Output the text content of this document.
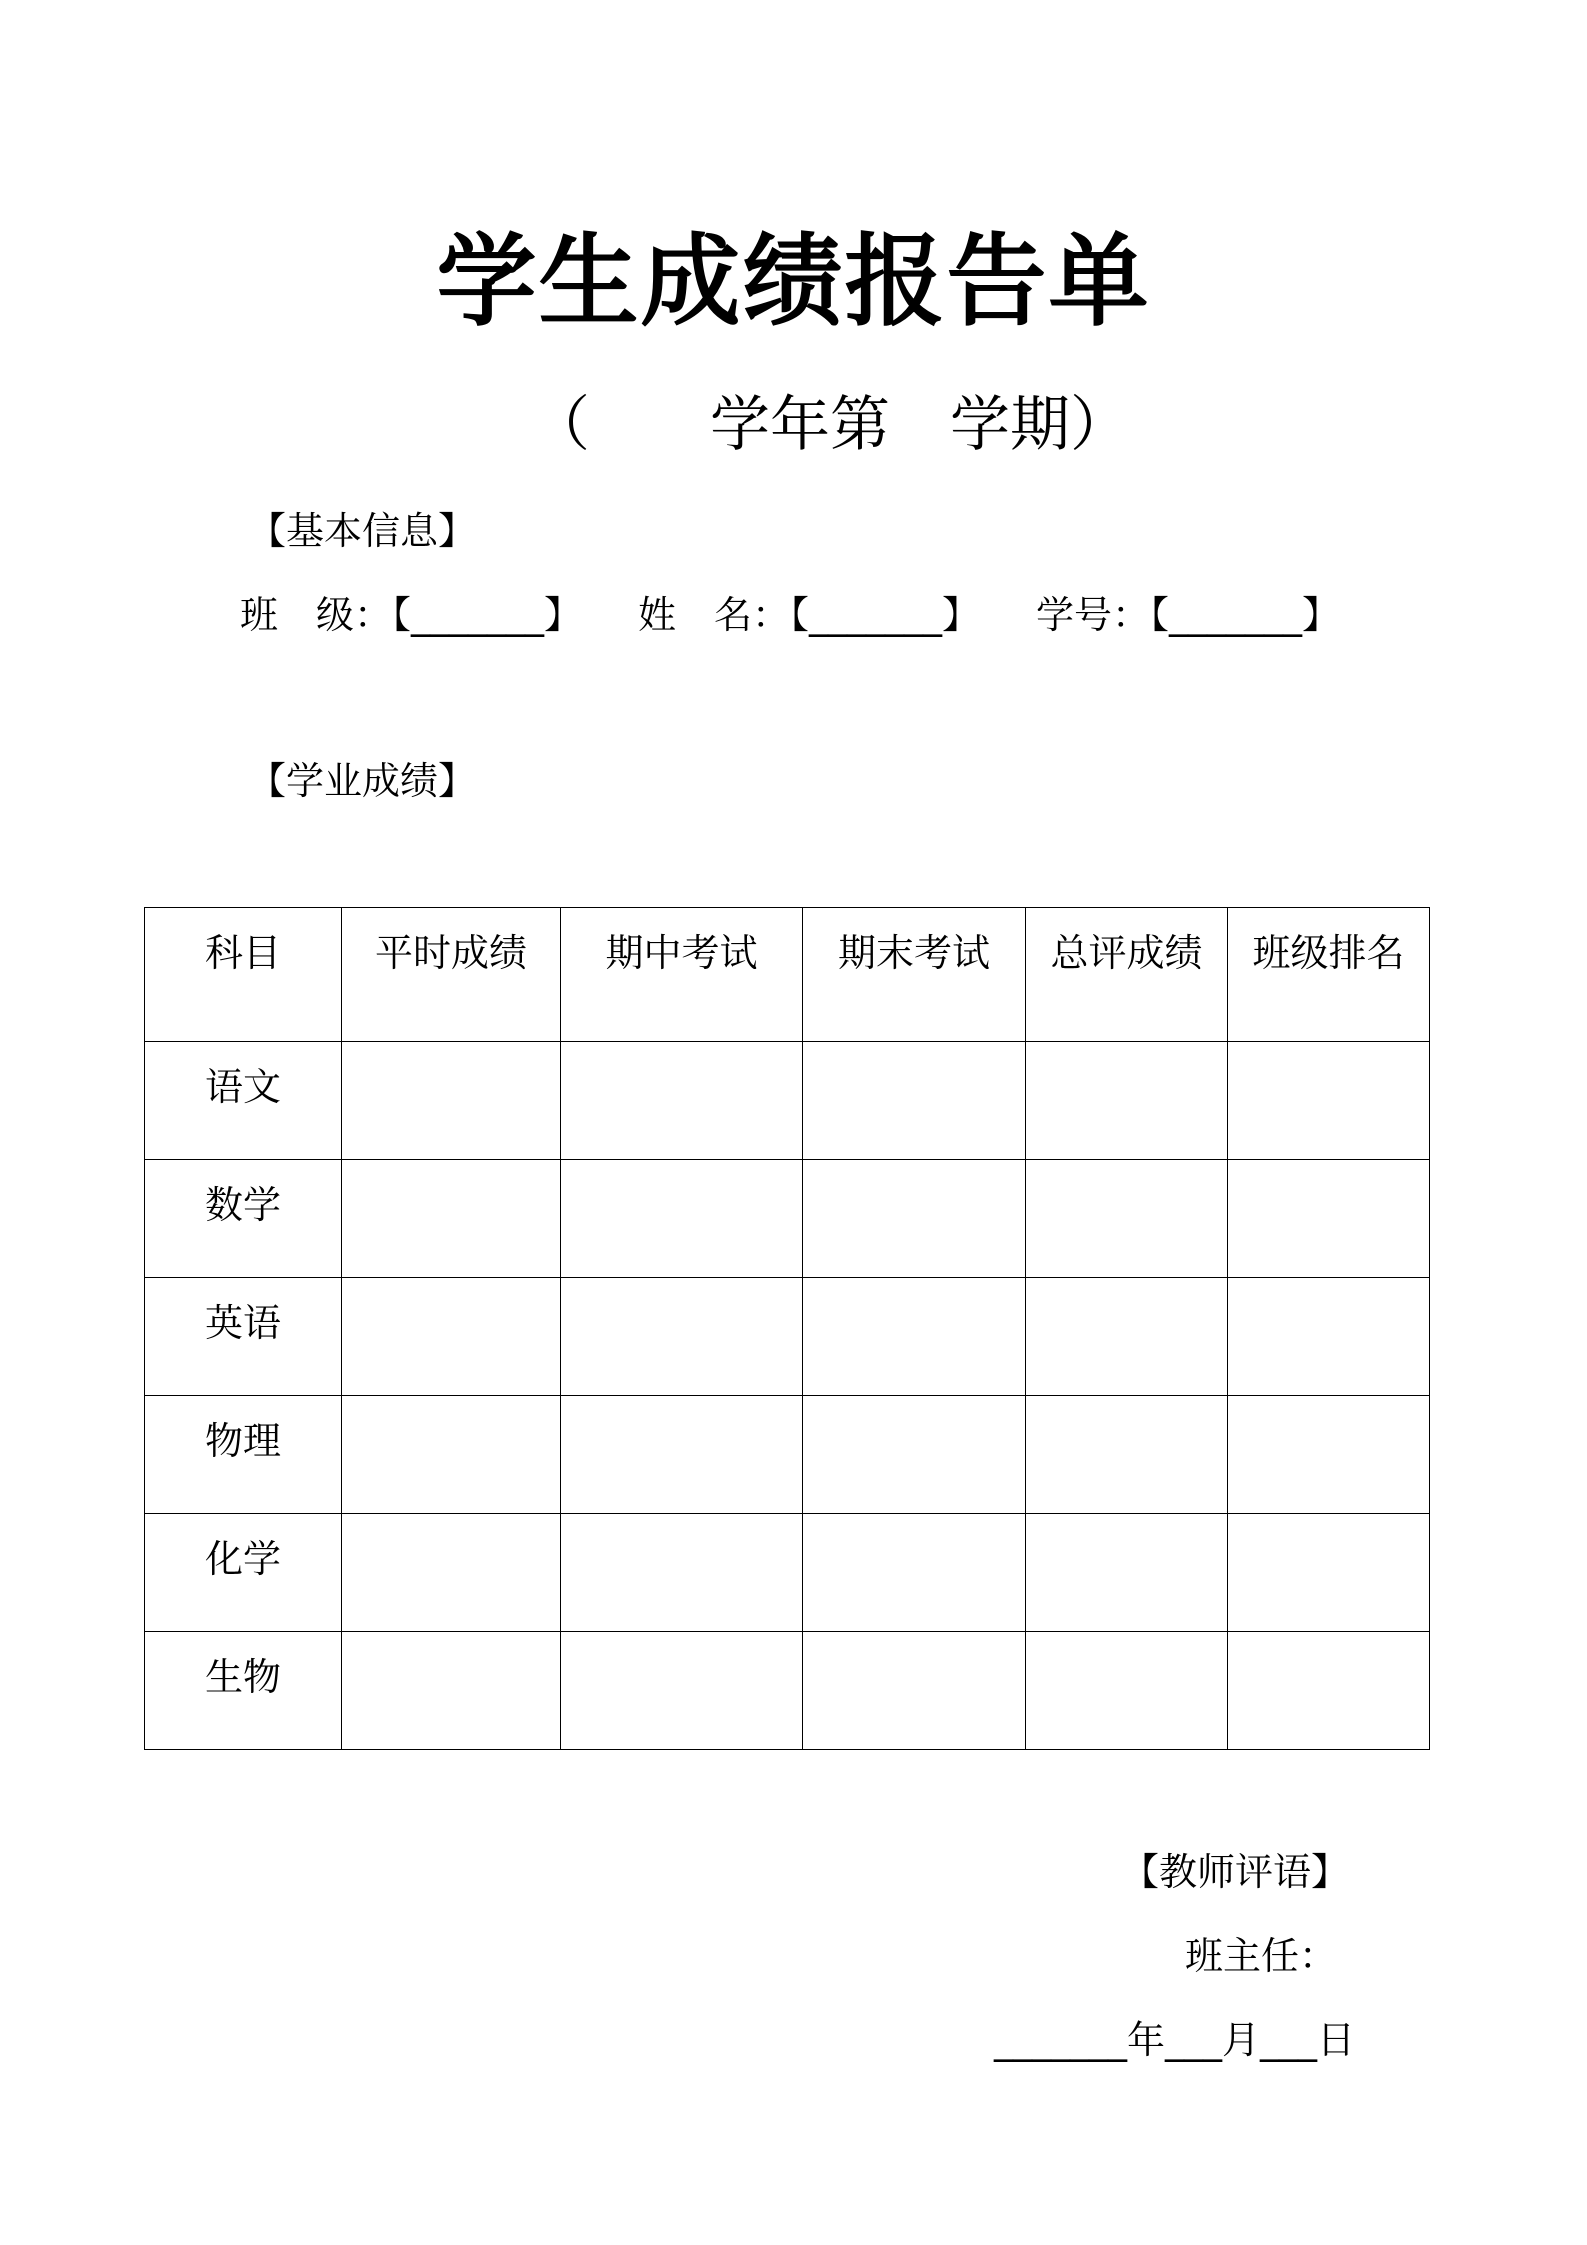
学生成绩报告单
（　　学年第　学期）
【基本信息】

班　级：【_______】

姓　名：【_______】

学号：【_______】

【学业成绩】
科目	平时成绩	期中考试	期末考试	总评成绩	班级排名
语文					
数学					
英语					
物理					
化学					
生物					
【教师评语】
班主任：
_______年___月___日
